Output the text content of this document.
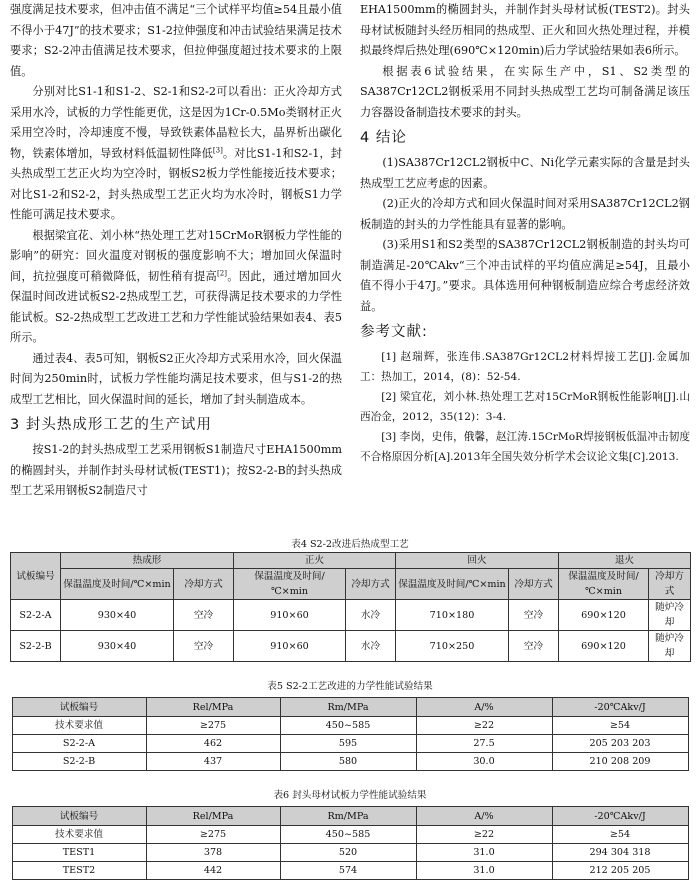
强度满足技术要求，但冲击值不满足“三个试样平均值≥54且最小值不得小于47J”的技术要求；S1-2拉伸强度和冲击试验结果满足技术要求；S2-2冲击值满足技术要求，但拉伸强度超过技术要求的上限值。

分别对比S1-1和S1-2、S2-1和S2-2可以看出：正火冷却方式采用水冷，试板的力学性能更优，这是因为1Cr-0.5Mo类钢材正火采用空冷时，冷却速度不慢，导致铁素体晶粒长大，晶界析出碳化物，铁素体增加，导致材料低温韧性降低[3]。对比S1-1和S2-1，封头热成型工艺正火均为空冷时，钢板S2板力学性能接近技术要求；对比S1-2和S2-2，封头热成型工艺正火均为水冷时，钢板S1力学性能可满足技术要求。

根据梁宜花、刘小林“热处理工艺对15CrMoR钢板力学性能的影响”的研究：回火温度对钢板的强度影响不大；增加回火保温时间，抗拉强度可稍微降低，韧性稍有提高[2]。因此，通过增加回火保温时间改进试板S2-2热成型工艺，可获得满足技术要求的力学性能试板。S2-2热成型工艺改进工艺和力学性能试验结果如表4、表5所示。

通过表4、表5可知，钢板S2正火冷却方式采用水冷，回火保温时间为250min时，试板力学性能均满足技术要求，但与S1-2的热成型工艺相比，回火保温时间的延长，增加了封头制造成本。

3 封头热成形工艺的生产试用

按S1-2的封头热成型工艺采用钢板S1制造尺寸EHA1500mm的椭圆封头，并制作封头母材试板(TEST1)；按S2-2-B的封头热成型工艺采用钢板S2制造尺寸

EHA1500mm的椭圆封头，并制作封头母材试板(TEST2)。封头母材试板随封头经历相同的热成型、正火和回火热处理过程，并模拟最终焊后热处理(690℃×120min)后力学试验结果如表6所示。

根据表6试验结果，在实际生产中，S1、S2类型的SA387Cr12CL2钢板采用不同封头热成型工艺均可制备满足该压力容器设备制造技术要求的封头。

4 结论

(1)SA387Cr12CL2钢板中C、Ni化学元素实际的含量是封头热成型工艺应考虑的因素。

(2)正火的冷却方式和回火保温时间对采用SA387Cr12CL2钢板制造的封头的力学性能具有显著的影响。

(3)采用S1和S2类型的SA387Cr12CL2钢板制造的封头均可制造满足-20℃Akv“三个冲击试样的平均值应满足≥54J，且最小值不得小于47J。”要求。具体选用何种钢板制造应综合考虑经济效益。

参考文献:

[1] 赵瑞辉，张连伟.SA387Gr12CL2材料焊接工艺[J].金属加工：热加工，2014，(8)：52-54.

[2] 梁宜花，刘小林.热处理工艺对15CrMoR钢板性能影响[J].山西冶金，2012，35(12)：3-4.

[3] 李岗，史伟，俄馨，赵江涛.15CrMoR焊接钢板低温冲击韧度不合格原因分析[A].2013年全国失效分析学术会议论文集[C].2013.

表4 S2-2改进后热成型工艺

试板编号	热成形		正火		回火		退火	
	保温温度及时间/℃×min	冷却方式	保温温度及时间/℃×min	冷却方式	保温温度及时间/℃×min	冷却方式	保温温度及时间/℃×min	冷却方式
S2-2-A	930×40	空冷	910×60	水冷	710×180	空冷	690×120	随炉冷却
S2-2-B	930×40	空冷	910×60	水冷	710×250	空冷	690×120	随炉冷却

表5 S2-2工艺改进的力学性能试验结果

试板编号	Rel/MPa	Rm/MPa	A/%	-20℃Akv/J
技术要求值	≥275	450~585	≥22	≥54
S2-2-A	462	595	27.5	205 203 203
S2-2-B	437	580	30.0	210 208 209

表6 封头母材试板力学性能试验结果

试板编号	Rel/MPa	Rm/MPa	A/%	-20℃Akv/J
技术要求值	≥275	450~585	≥22	≥54
TEST1	378	520	31.0	294 304 318
TEST2	442	574	31.0	212 205 205
